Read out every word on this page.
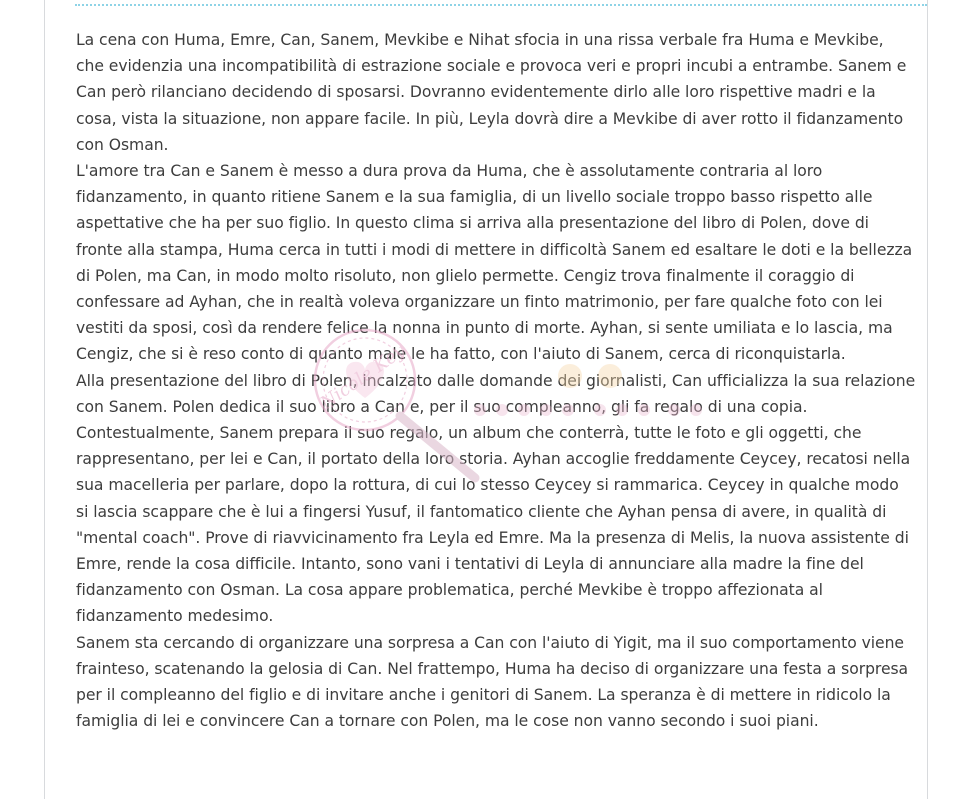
La cena con Huma, Emre, Can, Sanem, Mevkibe e Nihat sfocia in una rissa verbale fra Huma e Mevkibe, che evidenzia una incompatibilità di estrazione sociale e provoca veri e propri incubi a entrambe. Sanem e Can però rilanciano decidendo di sposarsi. Dovranno evidentemente dirlo alle loro rispettive madri e la cosa, vista la situazione, non appare facile. In più, Leyla dovrà dire a Mevkibe di aver rotto il fidanzamento con Osman.

L'amore tra Can e Sanem è messo a dura prova da Huma, che è assolutamente contraria al loro fidanzamento, in quanto ritiene Sanem e la sua famiglia, di un livello sociale troppo basso rispetto alle aspettative che ha per suo figlio. In questo clima si arriva alla presentazione del libro di Polen, dove di fronte alla stampa, Huma cerca in tutti i modi di mettere in difficoltà Sanem ed esaltare le doti e la bellezza di Polen, ma Can, in modo molto risoluto, non glielo permette. Cengiz trova finalmente il coraggio di confessare ad Ayhan, che in realtà voleva organizzare un finto matrimonio, per fare qualche foto con lei vestiti da sposi, così da rendere felice la nonna in punto di morte. Ayhan, si sente umiliata e lo lascia, ma Cengiz, che si è reso conto di quanto male le ha fatto, con l'aiuto di Sanem, cerca di riconquistarla.

Alla presentazione del libro di Polen, incalzato dalle domande dei giornalisti, Can ufficializza la sua relazione con Sanem. Polen dedica il suo libro a Can e, per il suo compleanno, gli fa regalo di una copia. Contestualmente, Sanem prepara il suo regalo, un album che conterrà, tutte le foto e gli oggetti, che rappresentano, per lei e Can, il portato della loro storia. Ayhan accoglie freddamente Ceycey, recatosi nella sua macelleria per parlare, dopo la rottura, di cui lo stesso Ceycey si rammarica. Ceycey in qualche modo si lascia scappare che è lui a fingersi Yusuf, il fantomatico cliente che Ayhan pensa di avere, in qualità di "mental coach". Prove di riavvicinamento fra Leyla ed Emre. Ma la presenza di Melis, la nuova assistente di Emre, rende la cosa difficile. Intanto, sono vani i tentativi di Leyla di annunciare alla madre la fine del fidanzamento con Osman. La cosa appare problematica, perché Mevkibe è troppo affezionata al fidanzamento medesimo.

Sanem sta cercando di organizzare una sorpresa a Can con l'aiuto di Yigit, ma il suo comportamento viene frainteso, scatenando la gelosia di Can. Nel frattempo, Huma ha deciso di organizzare una festa a sorpresa per il compleanno del figlio e di invitare anche i genitori di Sanem. La speranza è di mettere in ridicolo la famiglia di lei e convincere Can a tornare con Polen, ma le cose non vanno secondo i suoi piani.

Nicole Key
